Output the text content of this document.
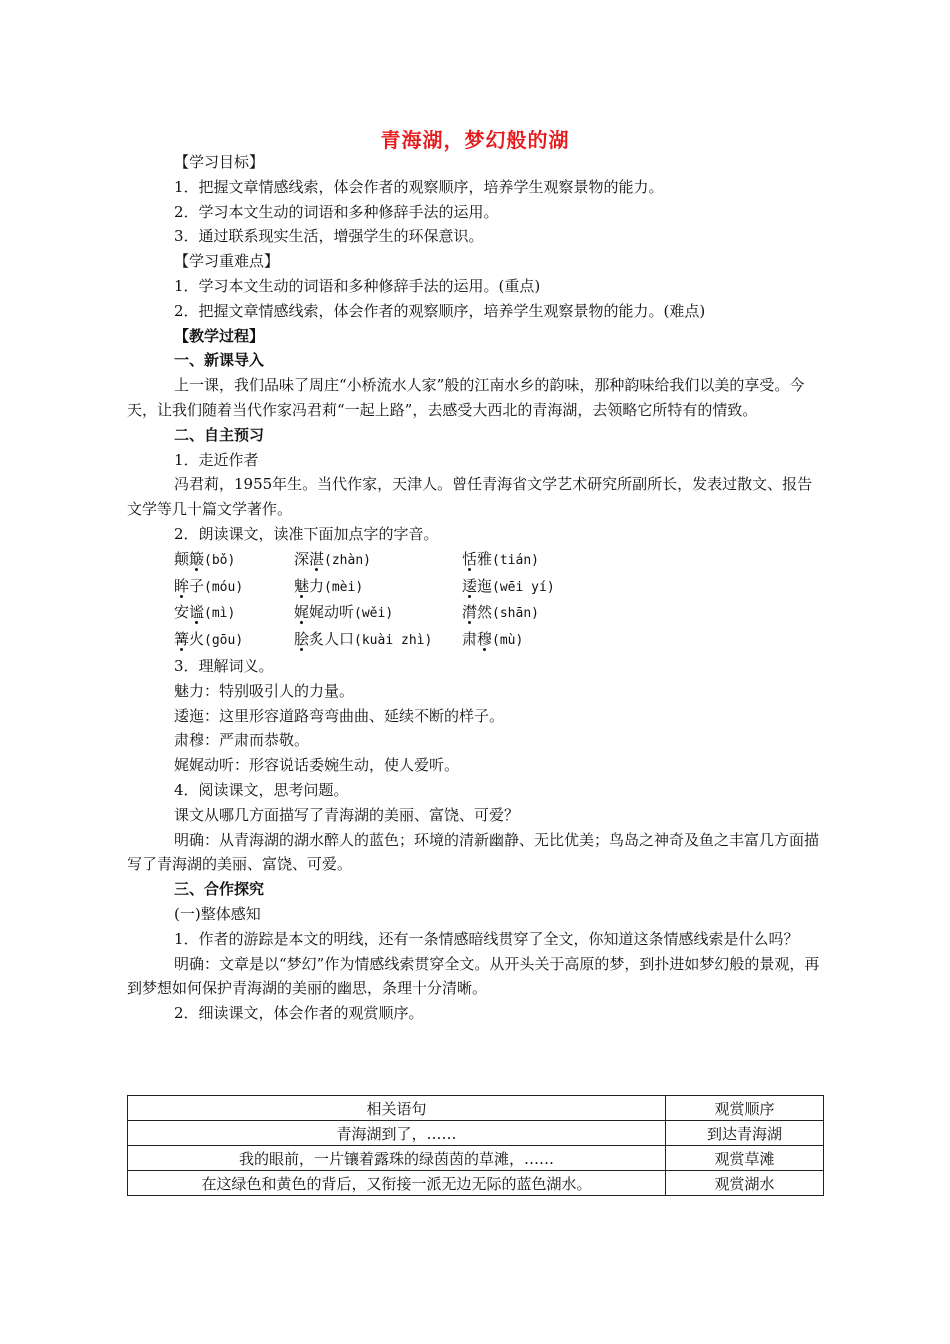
青海湖，梦幻般的湖

【学习目标】

1．把握文章情感线索，体会作者的观察顺序，培养学生观察景物的能力。

2．学习本文生动的词语和多种修辞手法的运用。

3．通过联系现实生活，增强学生的环保意识。

【学习重难点】

1．学习本文生动的词语和多种修辞手法的运用。(重点)

2．把握文章情感线索，体会作者的观察顺序，培养学生观察景物的能力。(难点)

【教学过程】

一、新课导入

上一课，我们品味了周庄“小桥流水人家”般的江南水乡的韵味，那种韵味给我们以美的享受。今天，让我们随着当代作家冯君莉“一起上路”，去感受大西北的青海湖，去领略它所特有的情致。

二、自主预习

1．走近作者

冯君莉，1955年生。当代作家，天津人。曾任青海省文学艺术研究所副所长，发表过散文、报告文学等几十篇文学著作。

2．朗读课文，读准下面加点字的字音。

颠簸(bǒ)	深湛(zhàn)	恬雅(tián)
眸子(móu)	魅力(mèi)	逶迤(wēi yí)
安谧(mì)	娓娓动听(wěi)	潸然(shān)
篝火(gōu)	脍炙人口(kuài zhì)	肃穆(mù)

3．理解词义。

魅力：特别吸引人的力量。

逶迤：这里形容道路弯弯曲曲、延续不断的样子。

肃穆：严肃而恭敬。

娓娓动听：形容说话委婉生动，使人爱听。

4．阅读课文，思考问题。

课文从哪几方面描写了青海湖的美丽、富饶、可爱？

明确：从青海湖的湖水醉人的蓝色；环境的清新幽静、无比优美；鸟岛之神奇及鱼之丰富几方面描写了青海湖的美丽、富饶、可爱。

三、合作探究

(一)整体感知

1．作者的游踪是本文的明线，还有一条情感暗线贯穿了全文，你知道这条情感线索是什么吗？

明确：文章是以“梦幻”作为情感线索贯穿全文。从开头关于高原的梦，到扑进如梦幻般的景观，再到梦想如何保护青海湖的美丽的幽思，条理十分清晰。

2．细读课文，体会作者的观赏顺序。

相关语句	观赏顺序
青海湖到了，……	到达青海湖
我的眼前，一片镶着露珠的绿茵茵的草滩，……	观赏草滩
在这绿色和黄色的背后，又衔接一派无边无际的蓝色湖水。	观赏湖水
